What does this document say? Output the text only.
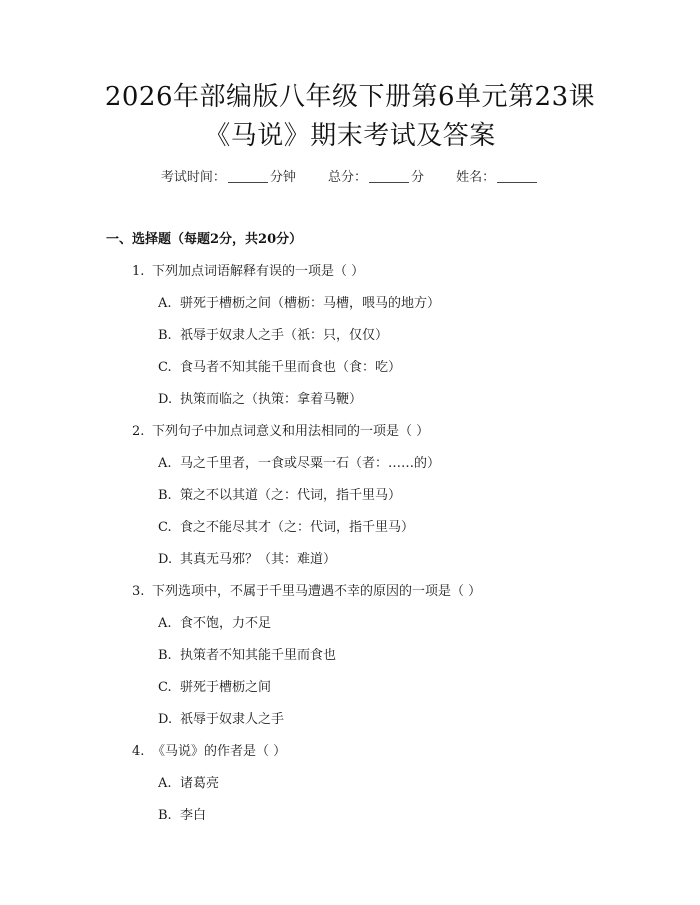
2026年部编版八年级下册第6单元第23课
《马说》期末考试及答案
考试时间：	分钟 总分：	分 姓名：
一、选择题（每题2分，共20分）
1. 下列加点词语解释有误的一项是（ ）
A. 骈死于槽枥之间（槽枥：马槽，喂马的地方）
B. 祇辱于奴隶人之手（祇：只，仅仅）
C. 食马者不知其能千里而食也（食：吃）
D. 执策而临之（执策：拿着马鞭）
2. 下列句子中加点词意义和用法相同的一项是（ ）
A. 马之千里者，一食或尽粟一石（者：……的）
B. 策之不以其道（之：代词，指千里马）
C. 食之不能尽其才（之：代词，指千里马）
D. 其真无马邪？（其：难道）
3. 下列选项中，不属于千里马遭遇不幸的原因的一项是（ ）
A. 食不饱，力不足
B. 执策者不知其能千里而食也
C. 骈死于槽枥之间
D. 祇辱于奴隶人之手
4. 《马说》的作者是（ ）
A. 诸葛亮
B. 李白
